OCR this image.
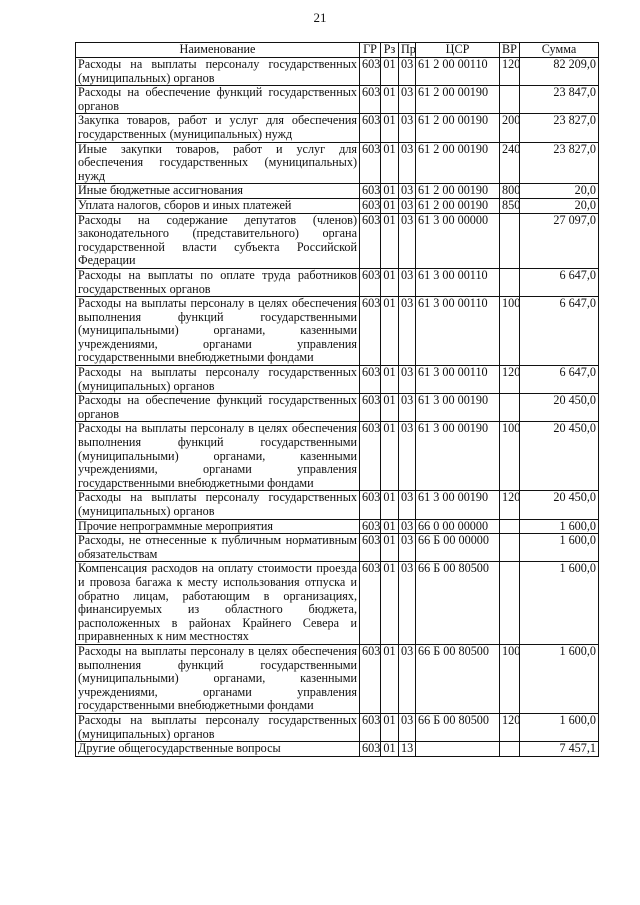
21
Наименование	ГР	Рз	Пр	ЦСР	ВР	Сумма
Расходы на выплаты персоналу государственных (муниципальных) органов	603	01	03	61 2 00 00110	120	82 209,0
Расходы на обеспечение функций государственных органов	603	01	03	61 2 00 00190		23 847,0
Закупка товаров, работ и услуг для обеспечения государственных (муниципальных) нужд	603	01	03	61 2 00 00190	200	23 827,0
Иные закупки товаров, работ и услуг для обеспечения государственных (муниципальных) нужд	603	01	03	61 2 00 00190	240	23 827,0
Иные бюджетные ассигнования	603	01	03	61 2 00 00190	800	20,0
Уплата налогов, сборов и иных платежей	603	01	03	61 2 00 00190	850	20,0
Расходы на содержание депутатов (членов) законодательного (представительного) органа государственной власти субъекта Российской Федерации	603	01	03	61 3 00 00000		27 097,0
Расходы на выплаты по оплате труда работников государственных органов	603	01	03	61 3 00 00110		6 647,0
Расходы на выплаты персоналу в целях обеспечения выполнения функций государственными (муниципальными) органами, казенными учреждениями, органами управления государственными внебюджетными фондами	603	01	03	61 3 00 00110	100	6 647,0
Расходы на выплаты персоналу государственных (муниципальных) органов	603	01	03	61 3 00 00110	120	6 647,0
Расходы на обеспечение функций государственных органов	603	01	03	61 3 00 00190		20 450,0
Расходы на выплаты персоналу в целях обеспечения выполнения функций государственными (муниципальными) органами, казенными учреждениями, органами управления государственными внебюджетными фондами	603	01	03	61 3 00 00190	100	20 450,0
Расходы на выплаты персоналу государственных (муниципальных) органов	603	01	03	61 3 00 00190	120	20 450,0
Прочие непрограммные мероприятия	603	01	03	66 0 00 00000		1 600,0
Расходы, не отнесенные к публичным нормативным обязательствам	603	01	03	66 Б 00 00000		1 600,0
Компенсация расходов на оплату стоимости проезда и провоза багажа к месту использования отпуска и обратно лицам, работающим в организациях, финансируемых из областного бюджета, расположенных в районах Крайнего Севера и приравненных к ним местностях	603	01	03	66 Б 00 80500		1 600,0
Расходы на выплаты персоналу в целях обеспечения выполнения функций государственными (муниципальными) органами, казенными учреждениями, органами управления государственными внебюджетными фондами	603	01	03	66 Б 00 80500	100	1 600,0
Расходы на выплаты персоналу государственных (муниципальных) органов	603	01	03	66 Б 00 80500	120	1 600,0
Другие общегосударственные вопросы	603	01	13			7 457,1
